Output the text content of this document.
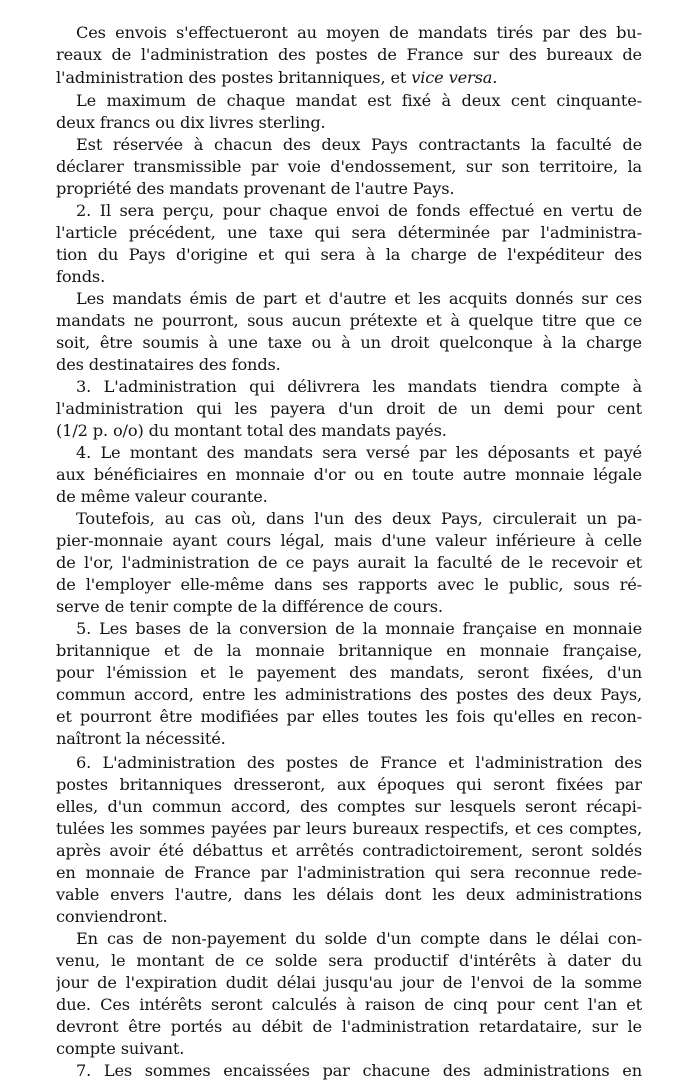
Ces envois s'effectueront au moyen de mandats tirés par des bu-
reaux de l'administration des postes de France sur des bureaux de
l'administration des postes britanniques, et vice versa.
Le maximum de chaque mandat est fixé à deux cent cinquante-
deux francs ou dix livres sterling.
Est réservée à chacun des deux Pays contractants la faculté de
déclarer transmissible par voie d'endossement, sur son territoire, la
propriété des mandats provenant de l'autre Pays.
2. Il sera perçu, pour chaque envoi de fonds effectué en vertu de
l'article précédent, une taxe qui sera déterminée par l'administra-
tion du Pays d'origine et qui sera à la charge de l'expéditeur des
fonds.
Les mandats émis de part et d'autre et les acquits donnés sur ces
mandats ne pourront, sous aucun prétexte et à quelque titre que ce
soit, être soumis à une taxe ou à un droit quelconque à la charge
des destinataires des fonds.
3. L'administration qui délivrera les mandats tiendra compte à
l'administration qui les payera d'un droit de un demi pour cent
(1/2 p. o/o) du montant total des mandats payés.
4. Le montant des mandats sera versé par les déposants et payé
aux bénéficiaires en monnaie d'or ou en toute autre monnaie légale
de même valeur courante.
Toutefois, au cas où, dans l'un des deux Pays, circulerait un pa-
pier-monnaie ayant cours légal, mais d'une valeur inférieure à celle
de l'or, l'administration de ce pays aurait la faculté de le recevoir et
de l'employer elle-même dans ses rapports avec le public, sous ré-
serve de tenir compte de la différence de cours.
5. Les bases de la conversion de la monnaie française en monnaie
britannique et de la monnaie britannique en monnaie française,
pour l'émission et le payement des mandats, seront fixées, d'un
commun accord, entre les administrations des postes des deux Pays,
et pourront être modifiées par elles toutes les fois qu'elles en recon-
naîtront la nécessité.
6. L'administration des postes de France et l'administration des
postes britanniques dresseront, aux époques qui seront fixées par
elles, d'un commun accord, des comptes sur lesquels seront récapi-
tulées les sommes payées par leurs bureaux respectifs, et ces comptes,
après avoir été débattus et arrêtés contradictoirement, seront soldés
en monnaie de France par l'administration qui sera reconnue rede-
vable envers l'autre, dans les délais dont les deux administrations
conviendront.
En cas de non-payement du solde d'un compte dans le délai con-
venu, le montant de ce solde sera productif d'intérêts à dater du
jour de l'expiration dudit délai jusqu'au jour de l'envoi de la somme
due. Ces intérêts seront calculés à raison de cinq pour cent l'an et
devront être portés au débit de l'administration retardataire, sur le
compte suivant.
7. Les sommes encaissées par chacune des administrations en
